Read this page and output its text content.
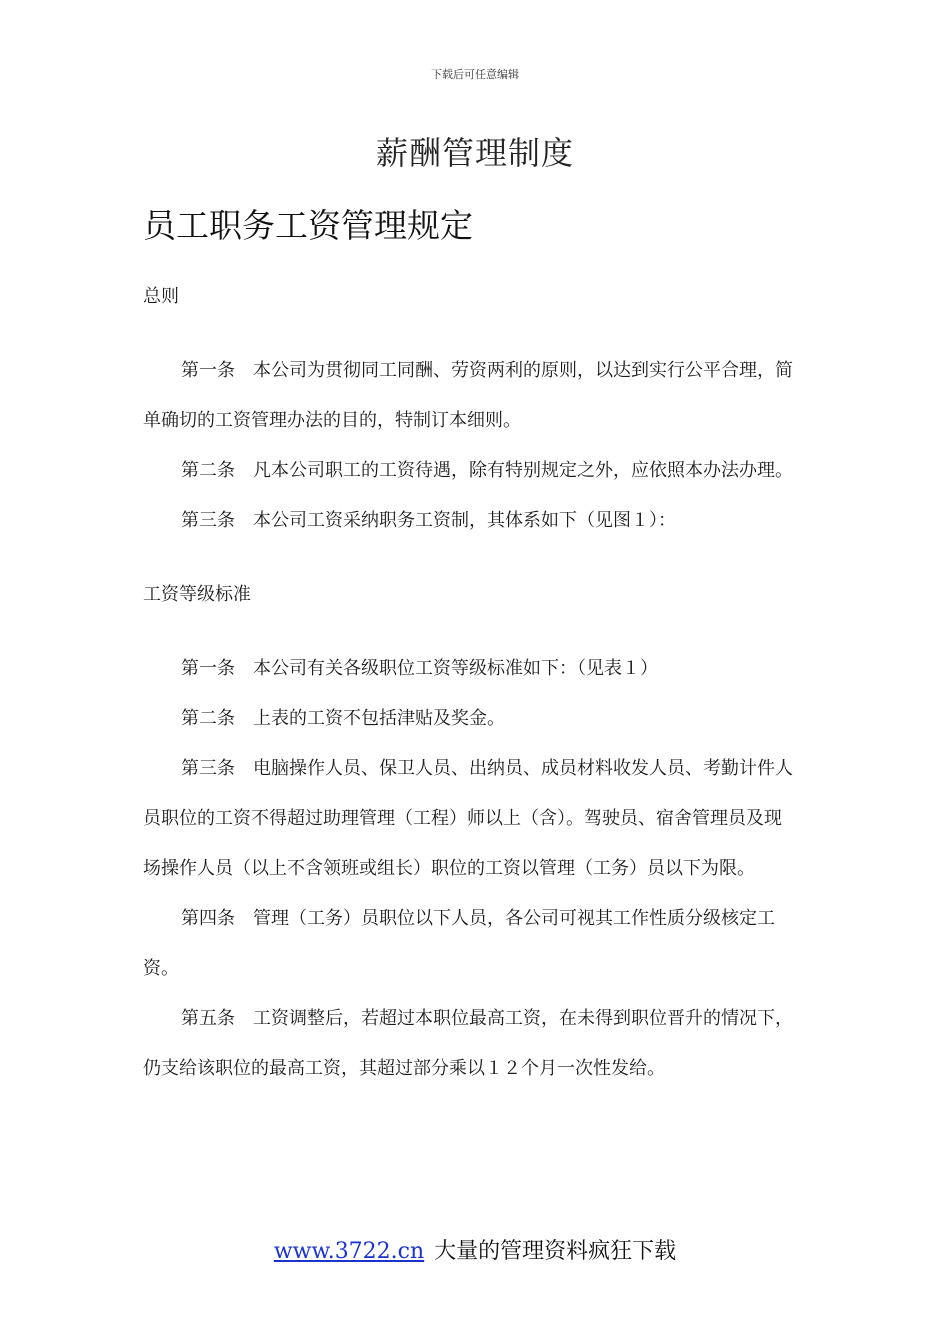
下载后可任意编辑
薪酬管理制度
员工职务工资管理规定

总则

第一条 本公司为贯彻同工同酬、劳资两利的原则，以达到实行公平合理，简单确切的工资管理办法的目的，特制订本细则。

第二条 凡本公司职工的工资待遇，除有特别规定之外，应依照本办法办理。

第三条 本公司工资采纳职务工资制，其体系如下（见图１）：

工资等级标准

第一条 本公司有关各级职位工资等级标准如下：（见表１）

第二条 上表的工资不包括津贴及奖金。

第三条 电脑操作人员、保卫人员、出纳员、成员材料收发人员、考勤计件人员职位的工资不得超过助理管理（工程）师以上（含）。驾驶员、宿舍管理员及现场操作人员（以上不含领班或组长）职位的工资以管理（工务）员以下为限。

第四条 管理（工务）员职位以下人员，各公司可视其工作性质分级核定工资。

第五条 工资调整后，若超过本职位最高工资，在未得到职位晋升的情况下，仍支给该职位的最高工资，其超过部分乘以１２个月一次性发给。

www.3722.cn 大量的管理资料疯狂下载
